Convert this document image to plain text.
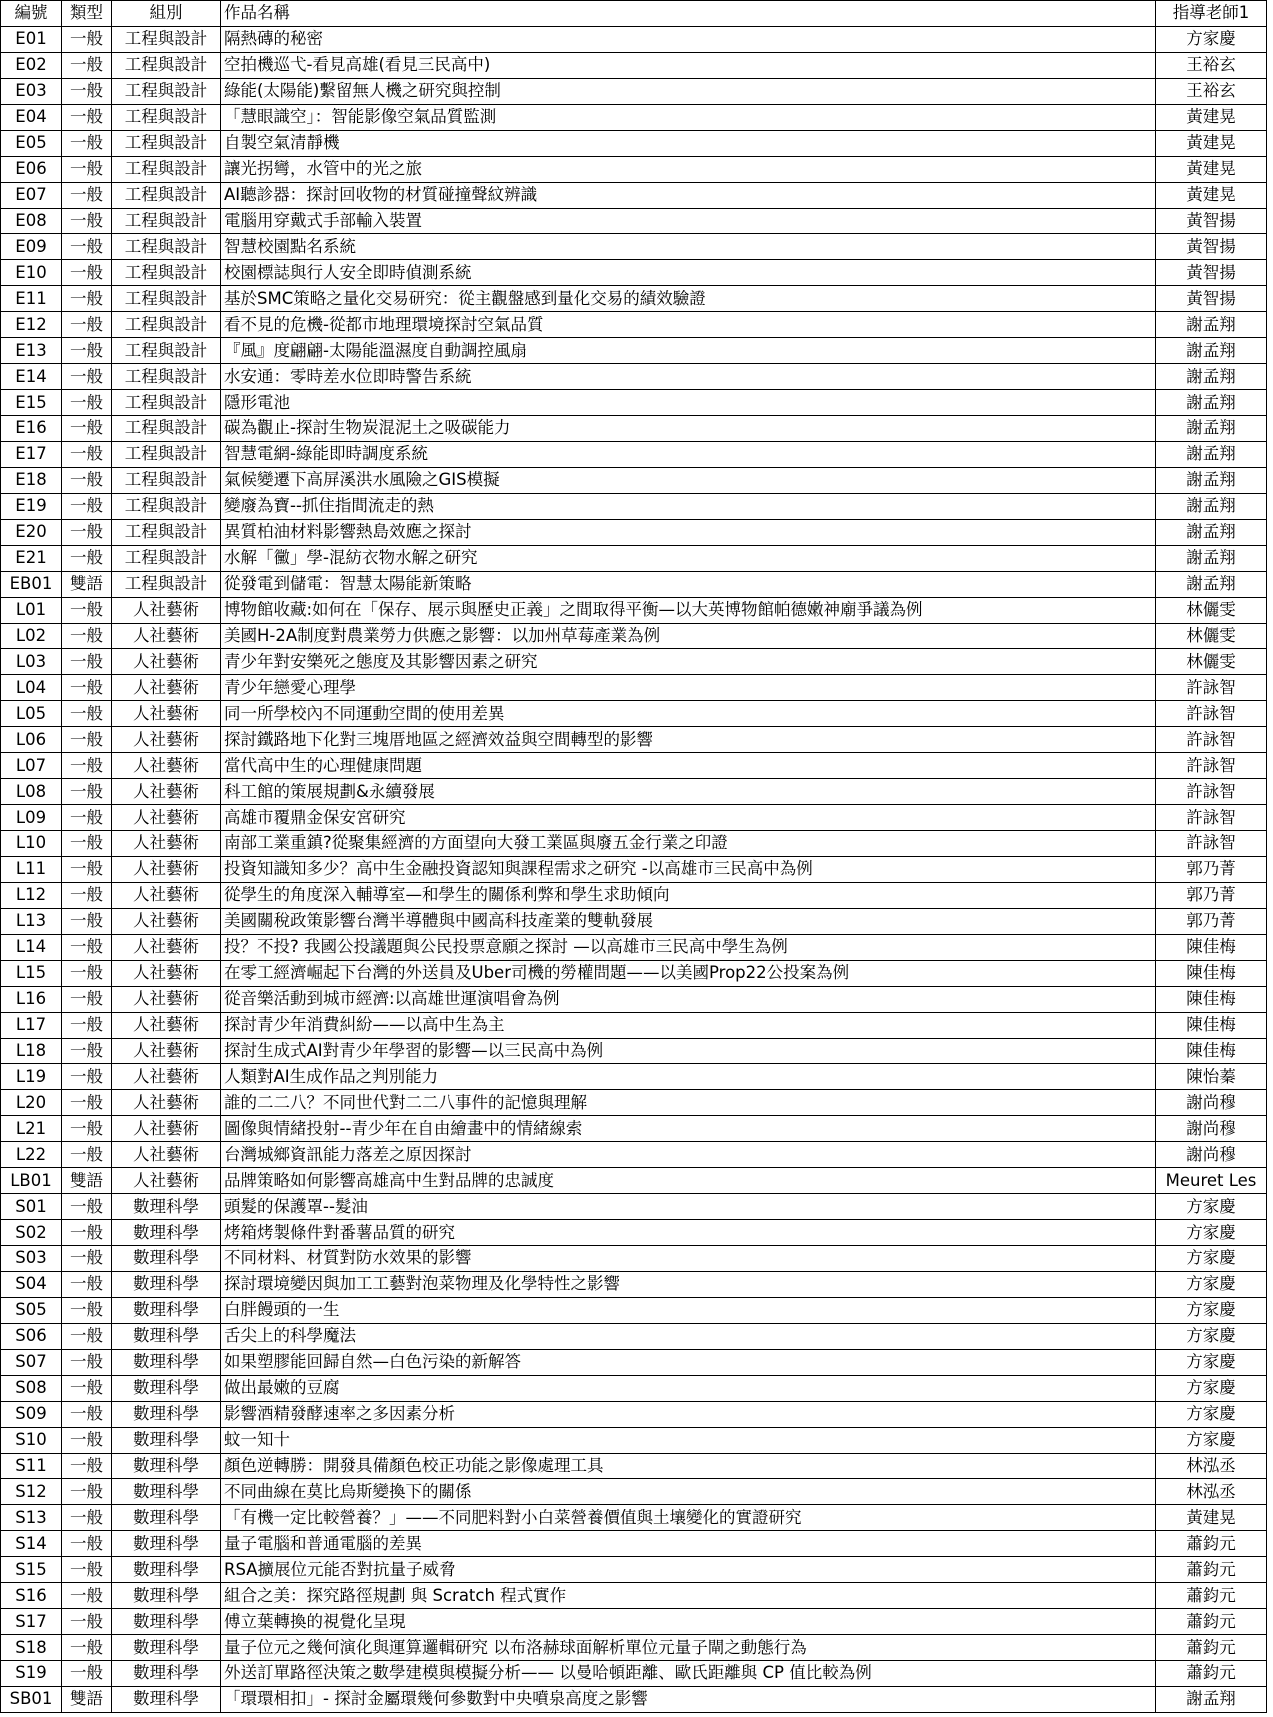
編號	類型	組別	作品名稱	指導老師1
E01	一般	工程與設計	隔熱磚的秘密	方家慶
E02	一般	工程與設計	空拍機巡弋-看見高雄(看見三民高中)	王裕玄
E03	一般	工程與設計	綠能(太陽能)繫留無人機之研究與控制	王裕玄
E04	一般	工程與設計	「慧眼識空」：智能影像空氣品質監測	黃建晃
E05	一般	工程與設計	自製空氣清靜機	黃建晃
E06	一般	工程與設計	讓光拐彎，水管中的光之旅	黃建晃
E07	一般	工程與設計	AI聽診器：探討回收物的材質碰撞聲紋辨識	黃建晃
E08	一般	工程與設計	電腦用穿戴式手部輸入裝置	黃智揚
E09	一般	工程與設計	智慧校園點名系統	黃智揚
E10	一般	工程與設計	校園標誌與行人安全即時偵測系統	黃智揚
E11	一般	工程與設計	基於SMC策略之量化交易研究：從主觀盤感到量化交易的績效驗證	黃智揚
E12	一般	工程與設計	看不見的危機-從都市地理環境探討空氣品質	謝孟翔
E13	一般	工程與設計	『風』度翩翩-太陽能溫濕度自動調控風扇	謝孟翔
E14	一般	工程與設計	水安通：零時差水位即時警告系統	謝孟翔
E15	一般	工程與設計	隱形電池	謝孟翔
E16	一般	工程與設計	碳為觀止-探討生物炭混泥土之吸碳能力	謝孟翔
E17	一般	工程與設計	智慧電網-綠能即時調度系統	謝孟翔
E18	一般	工程與設計	氣候變遷下高屏溪洪水風險之GIS模擬	謝孟翔
E19	一般	工程與設計	變廢為寶--抓住指間流走的熱	謝孟翔
E20	一般	工程與設計	異質柏油材料影響熱島效應之探討	謝孟翔
E21	一般	工程與設計	水解「黴」學-混紡衣物水解之研究	謝孟翔
EB01	雙語	工程與設計	從發電到儲電：智慧太陽能新策略	謝孟翔
L01	一般	人社藝術	博物館收藏:如何在「保存、展示與歷史正義」之間取得平衡—以大英博物館帕德嫩神廟爭議為例	林儷雯
L02	一般	人社藝術	美國H-2A制度對農業勞力供應之影響：以加州草莓產業為例	林儷雯
L03	一般	人社藝術	青少年對安樂死之態度及其影響因素之研究	林儷雯
L04	一般	人社藝術	青少年戀愛心理學	許詠智
L05	一般	人社藝術	同一所學校內不同運動空間的使用差異	許詠智
L06	一般	人社藝術	探討鐵路地下化對三塊厝地區之經濟效益與空間轉型的影響	許詠智
L07	一般	人社藝術	當代高中生的心理健康問題	許詠智
L08	一般	人社藝術	科工館的策展規劃&永續發展	許詠智
L09	一般	人社藝術	高雄市覆鼎金保安宮研究	許詠智
L10	一般	人社藝術	南部工業重鎮?從聚集經濟的方面望向大發工業區與廢五金行業之印證	許詠智
L11	一般	人社藝術	投資知識知多少？高中生金融投資認知與課程需求之研究 -以高雄市三民高中為例	郭乃菁
L12	一般	人社藝術	從學生的角度深入輔導室—和學生的關係利弊和學生求助傾向	郭乃菁
L13	一般	人社藝術	美國關稅政策影響台灣半導體與中國高科技產業的雙軌發展	郭乃菁
L14	一般	人社藝術	投？不投? 我國公投議題與公民投票意願之探討 —以高雄市三民高中學生為例	陳佳梅
L15	一般	人社藝術	在零工經濟崛起下台灣的外送員及Uber司機的勞權問題——以美國Prop22公投案為例	陳佳梅
L16	一般	人社藝術	從音樂活動到城市經濟:以高雄世運演唱會為例	陳佳梅
L17	一般	人社藝術	探討青少年消費糾紛——以高中生為主	陳佳梅
L18	一般	人社藝術	探討生成式AI對青少年學習的影響—以三民高中為例	陳佳梅
L19	一般	人社藝術	人類對AI生成作品之判別能力	陳怡蓁
L20	一般	人社藝術	誰的二二八？不同世代對二二八事件的記憶與理解	謝尚穆
L21	一般	人社藝術	圖像與情緒投射--青少年在自由繪畫中的情緒線索	謝尚穆
L22	一般	人社藝術	台灣城鄉資訊能力落差之原因探討	謝尚穆
LB01	雙語	人社藝術	品牌策略如何影響高雄高中生對品牌的忠誠度	Meuret Les
S01	一般	數理科學	頭髮的保護罩--髮油	方家慶
S02	一般	數理科學	烤箱烤製條件對番薯品質的研究	方家慶
S03	一般	數理科學	不同材料、材質對防水效果的影響	方家慶
S04	一般	數理科學	探討環境變因與加工工藝對泡菜物理及化學特性之影響	方家慶
S05	一般	數理科學	白胖饅頭的一生	方家慶
S06	一般	數理科學	舌尖上的科學魔法	方家慶
S07	一般	數理科學	如果塑膠能回歸自然—白色污染的新解答	方家慶
S08	一般	數理科學	做出最嫩的豆腐	方家慶
S09	一般	數理科學	影響酒精發酵速率之多因素分析	方家慶
S10	一般	數理科學	蚊一知十	方家慶
S11	一般	數理科學	顏色逆轉勝：開發具備顏色校正功能之影像處理工具	林泓丞
S12	一般	數理科學	不同曲線在莫比烏斯變換下的關係	林泓丞
S13	一般	數理科學	「有機一定比較營養？」——不同肥料對小白菜營養價值與土壤變化的實證研究	黃建晃
S14	一般	數理科學	量子電腦和普通電腦的差異	蕭鈞元
S15	一般	數理科學	RSA擴展位元能否對抗量子威脅	蕭鈞元
S16	一般	數理科學	組合之美：探究路徑規劃 與 Scratch 程式實作	蕭鈞元
S17	一般	數理科學	傅立葉轉換的視覺化呈現	蕭鈞元
S18	一般	數理科學	量子位元之幾何演化與運算邏輯研究 以布洛赫球面解析單位元量子閘之動態行為	蕭鈞元
S19	一般	數理科學	外送訂單路徑決策之數學建模與模擬分析—— 以曼哈頓距離、歐氏距離與 CP 值比較為例	蕭鈞元
SB01	雙語	數理科學	「環環相扣」- 探討金屬環幾何參數對中央噴泉高度之影響	謝孟翔
